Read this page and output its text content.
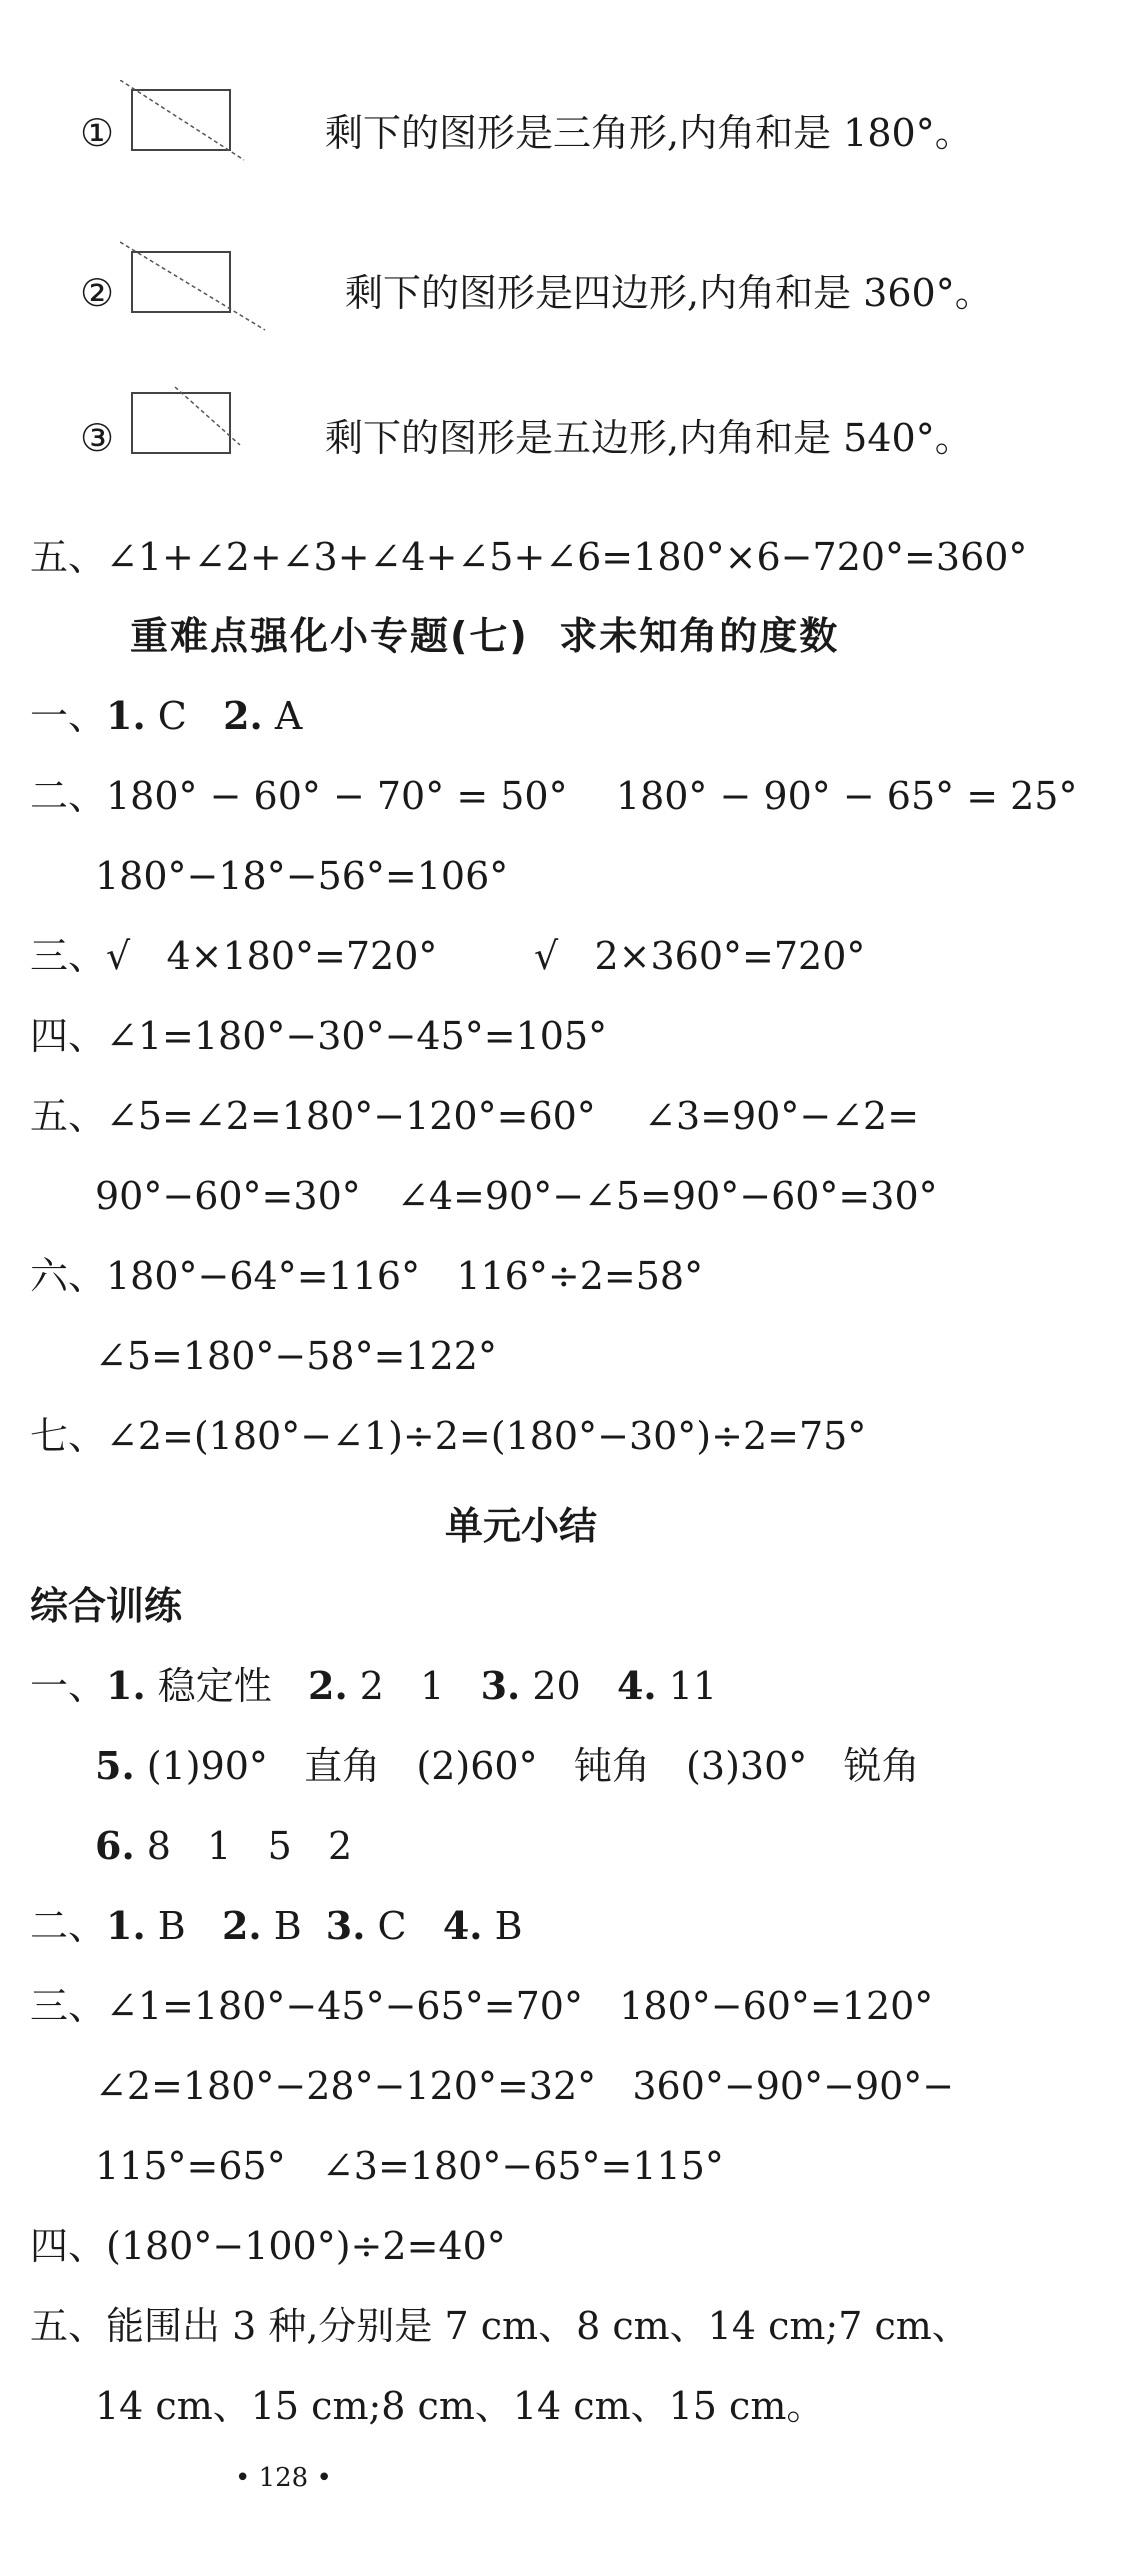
①	剩下的图形是三角形,内角和是 180°。
②	剩下的图形是四边形,内角和是 360°。
③	剩下的图形是五边形,内角和是 540°。
五、∠1+∠2+∠3+∠4+∠5+∠6=180°×6−720°=360°
重难点强化小专题(七)  求未知角的度数
一、1. C   2. A
二、180° − 60° − 70° = 50°    180° − 90° − 65° = 25°
180°−18°−56°=106°
三、√   4×180°=720°        √   2×360°=720°
四、∠1=180°−30°−45°=105°
五、∠5=∠2=180°−120°=60°    ∠3=90°−∠2=
90°−60°=30°   ∠4=90°−∠5=90°−60°=30°
六、180°−64°=116°   116°÷2=58°
∠5=180°−58°=122°
七、∠2=(180°−∠1)÷2=(180°−30°)÷2=75°
单元小结
综合训练
一、1. 稳定性   2. 2   1   3. 20   4. 11
5. (1)90°   直角   (2)60°   钝角   (3)30°   锐角
6. 8   1   5   2
二、1. B   2. B  3. C   4. B
三、∠1=180°−45°−65°=70°   180°−60°=120°
∠2=180°−28°−120°=32°   360°−90°−90°−
115°=65°   ∠3=180°−65°=115°
四、(180°−100°)÷2=40°
五、能围出 3 种,分别是 7 cm、8 cm、14 cm;7 cm、
14 cm、15 cm;8 cm、14 cm、15 cm。
• 128 •
